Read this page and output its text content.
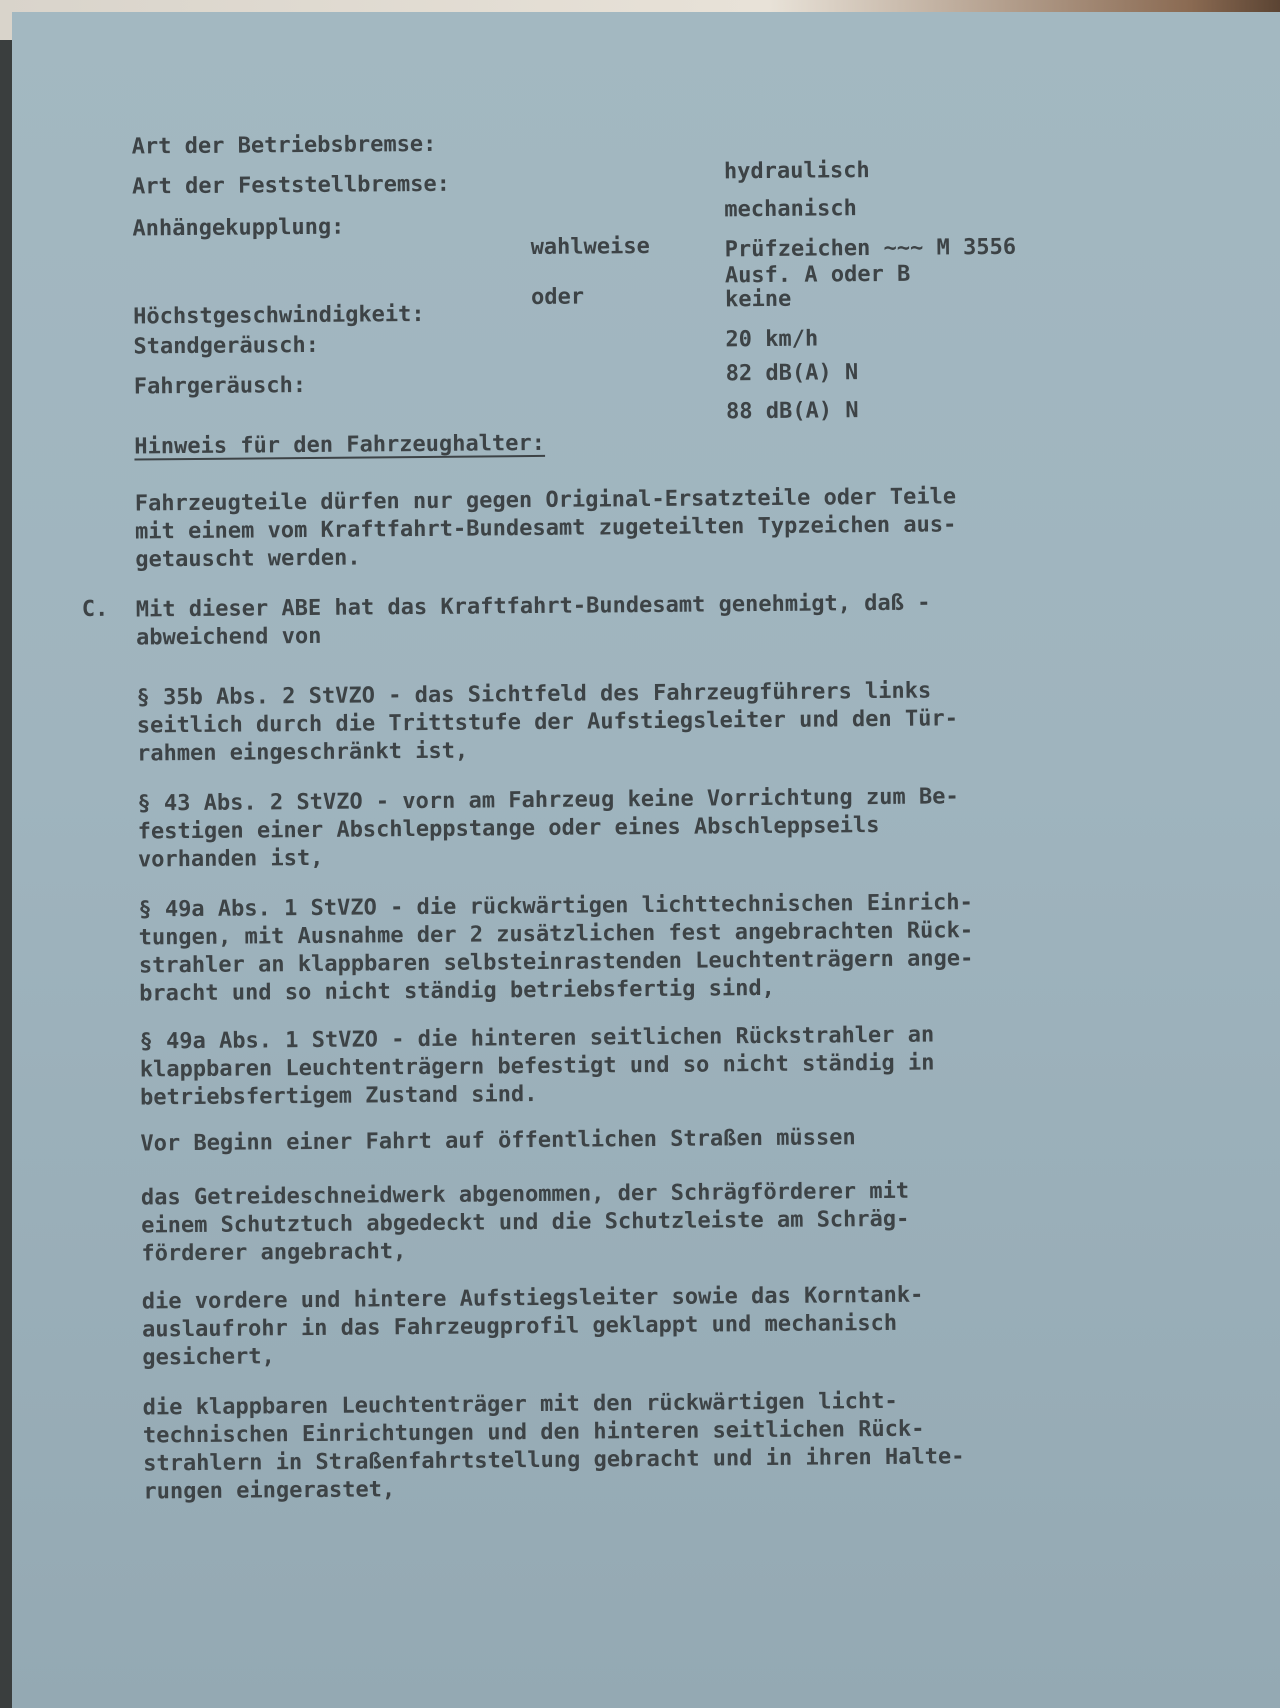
Art der Betriebsbremse:
hydraulisch
Art der Feststellbremse:
mechanisch
Anhängekupplung:
wahlweise	Prüfzeichen ~~~ M 3556
Ausf. A oder B
oder	keine
Höchstgeschwindigkeit:
20 km/h
Standgeräusch:
82 dB(A) N
Fahrgeräusch:
88 dB(A) N
Hinweis für den Fahrzeughalter:
Fahrzeugteile dürfen nur gegen Original-Ersatzteile oder Teile
mit einem vom Kraftfahrt-Bundesamt zugeteilten Typzeichen aus-
getauscht werden.
C. Mit dieser ABE hat das Kraftfahrt-Bundesamt genehmigt, daß -
abweichend von
§ 35b Abs. 2 StVZO - das Sichtfeld des Fahrzeugführers links
seitlich durch die Trittstufe der Aufstiegsleiter und den Tür-
rahmen eingeschränkt ist,
§ 43 Abs. 2 StVZO - vorn am Fahrzeug keine Vorrichtung zum Be-
festigen einer Abschleppstange oder eines Abschleppseils
vorhanden ist,
§ 49a Abs. 1 StVZO - die rückwärtigen lichttechnischen Einrich-
tungen, mit Ausnahme der 2 zusätzlichen fest angebrachten Rück-
strahler an klappbaren selbsteinrastenden Leuchtenträgern ange-
bracht und so nicht ständig betriebsfertig sind,
§ 49a Abs. 1 StVZO - die hinteren seitlichen Rückstrahler an
klappbaren Leuchtenträgern befestigt und so nicht ständig in
betriebsfertigem Zustand sind.
Vor Beginn einer Fahrt auf öffentlichen Straßen müssen
das Getreideschneidwerk abgenommen, der Schrägförderer mit
einem Schutztuch abgedeckt und die Schutzleiste am Schräg-
förderer angebracht,
die vordere und hintere Aufstiegsleiter sowie das Korntank-
auslaufrohr in das Fahrzeugprofil geklappt und mechanisch
gesichert,
die klappbaren Leuchtenträger mit den rückwärtigen licht-
technischen Einrichtungen und den hinteren seitlichen Rück-
strahlern in Straßenfahrtstellung gebracht und in ihren Halte-
rungen eingerastet,
